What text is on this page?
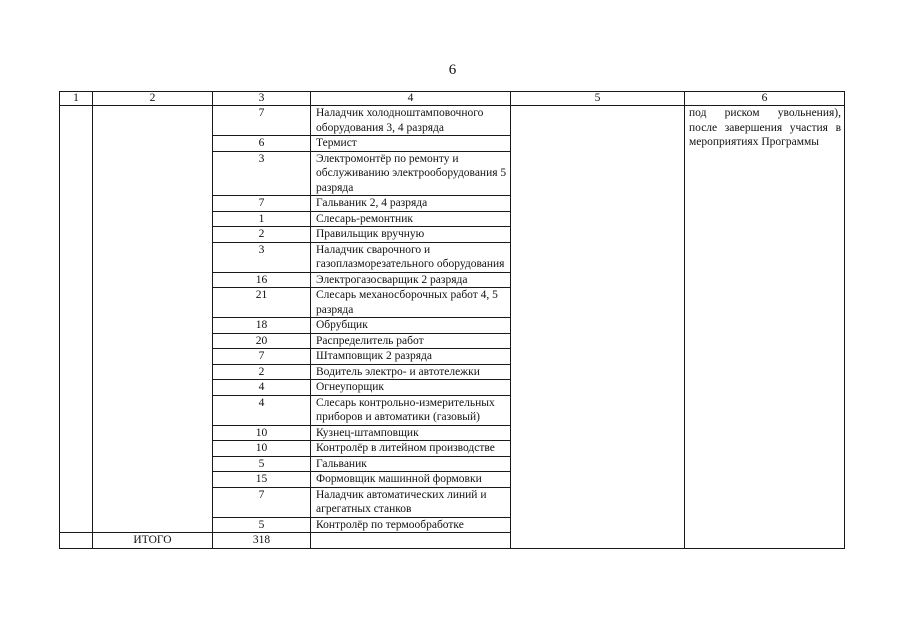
6
1	2	3	4	5	6
		7	Наладчик холодноштамповочного оборудования 3, 4 разряда		под риском увольнения), после завершения участия в мероприятиях Программы
		6	Термист		
		3	Электромонтёр по ремонту и обслуживанию электрооборудования 5 разряда		
		7	Гальваник 2, 4 разряда		
		1	Слесарь-ремонтник		
		2	Правильщик вручную		
		3	Наладчик сварочного и газоплазморезательного оборудования		
		16	Электрогазосварщик 2 разряда		
		21	Слесарь механосборочных работ 4, 5 разряда		
		18	Обрубщик		
		20	Распределитель работ		
		7	Штамповщик 2 разряда		
		2	Водитель электро- и автотележки		
		4	Огнеупорщик		
		4	Слесарь контрольно-измерительных приборов и автоматики (газовый)		
		10	Кузнец-штамповщик		
		10	Контролёр в литейном производстве		
		5	Гальваник		
		15	Формовщик машинной формовки		
		7	Наладчик автоматических линий и агрегатных станков		
		5	Контролёр по термообработке		
	ИТОГО	318			
